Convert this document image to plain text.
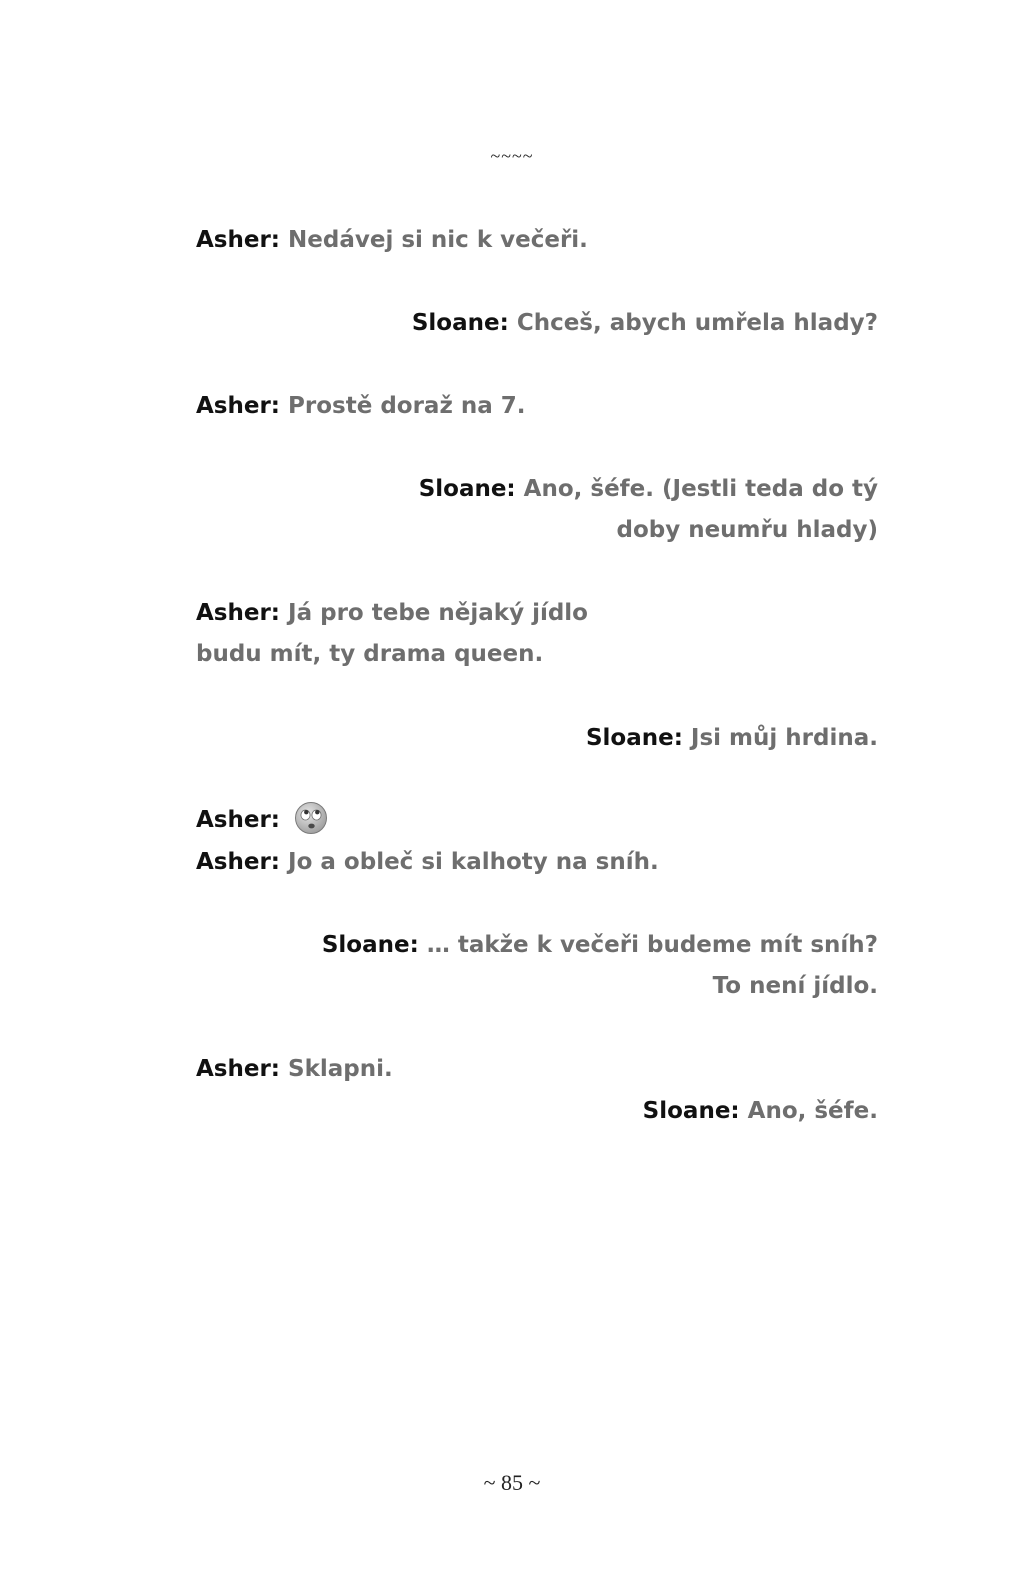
~~~~
Asher: Nedávej si nic k večeři.
Sloane: Chceš, abych umřela hlady?
Asher: Prostě dorаž na 7.
Sloane: Ano, šéfe. (Jestli teda do tý
doby neumřu hlady)
Asher: Já pro tebe nějaký jídlo
budu mít, ty drama queen.
Sloane: Jsi můj hrdina.
Asher:
Asher: Jo a obleč si kalhoty na sníh.
Sloane: … takže k večeři budeme mít sníh?
To není jídlo.
Asher: Sklapni.
Sloane: Ano, šéfe.
~ 85 ~
